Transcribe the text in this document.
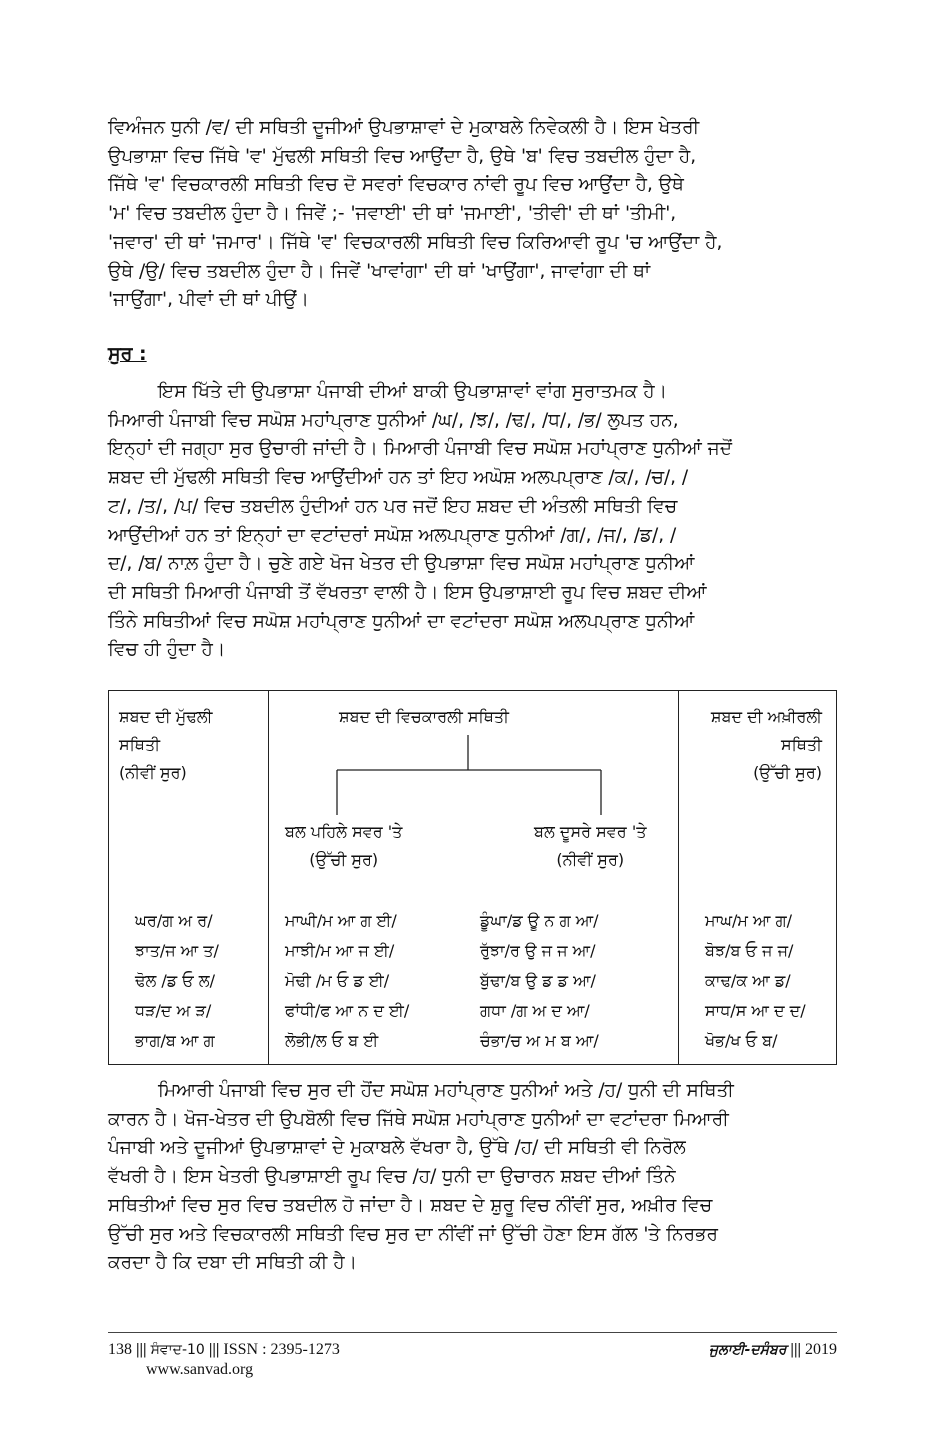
ਵਿਅੰਜਨ ਧੁਨੀ /ਵ/ ਦੀ ਸਥਿਤੀ ਦੂਜੀਆਂ ਉਪਭਾਸ਼ਾਵਾਂ ਦੇ ਮੁਕਾਬਲੇ ਨਿਵੇਕਲੀ ਹੈ। ਇਸ ਖੇਤਰੀ
ਉਪਭਾਸ਼ਾ ਵਿਚ ਜਿੱਥੇ 'ਵ' ਮੁੱਢਲੀ ਸਥਿਤੀ ਵਿਚ ਆਉਂਦਾ ਹੈ, ਉਥੇ 'ਬ' ਵਿਚ ਤਬਦੀਲ ਹੁੰਦਾ ਹੈ,
ਜਿੱਥੇ 'ਵ' ਵਿਚਕਾਰਲੀ ਸਥਿਤੀ ਵਿਚ ਦੋ ਸਵਰਾਂ ਵਿਚਕਾਰ ਨਾਂਵੀ ਰੂਪ ਵਿਚ ਆਉਂਦਾ ਹੈ, ਉਥੇ
'ਮ' ਵਿਚ ਤਬਦੀਲ ਹੁੰਦਾ ਹੈ। ਜਿਵੇਂ ;- 'ਜਵਾਈ' ਦੀ ਥਾਂ 'ਜਮਾਈ', 'ਤੀਵੀ' ਦੀ ਥਾਂ 'ਤੀਮੀ',
'ਜਵਾਰ' ਦੀ ਥਾਂ 'ਜਮਾਰ'। ਜਿੱਥੇ 'ਵ' ਵਿਚਕਾਰਲੀ ਸਥਿਤੀ ਵਿਚ ਕਿਰਿਆਵੀ ਰੂਪ 'ਚ ਆਉਂਦਾ ਹੈ,
ਉਥੇ /ਉ/ ਵਿਚ ਤਬਦੀਲ ਹੁੰਦਾ ਹੈ। ਜਿਵੇਂ 'ਖਾਵਾਂਗਾ' ਦੀ ਥਾਂ 'ਖਾਉਂਗਾ', ਜਾਵਾਂਗਾ ਦੀ ਥਾਂ
'ਜਾਉਂਗਾ', ਪੀਵਾਂ ਦੀ ਥਾਂ ਪੀਉਂ।
ਸੁਰ :
ਇਸ ਖਿੱਤੇ ਦੀ ਉਪਭਾਸ਼ਾ ਪੰਜਾਬੀ ਦੀਆਂ ਬਾਕੀ ਉਪਭਾਸ਼ਾਵਾਂ ਵਾਂਗ ਸੁਰਾਤਮਕ ਹੈ।
ਮਿਆਰੀ ਪੰਜਾਬੀ ਵਿਚ ਸਘੋਸ਼ ਮਹਾਂਪ੍ਰਾਣ ਧੁਨੀਆਂ /ਘ/, /ਝ/, /ਢ/, /ਧ/, /ਭ/ ਲੁਪਤ ਹਨ,
ਇਨ੍ਹਾਂ ਦੀ ਜਗ੍ਹਾ ਸੁਰ ਉਚਾਰੀ ਜਾਂਦੀ ਹੈ। ਮਿਆਰੀ ਪੰਜਾਬੀ ਵਿਚ ਸਘੋਸ਼ ਮਹਾਂਪ੍ਰਾਣ ਧੁਨੀਆਂ ਜਦੋਂ
ਸ਼ਬਦ ਦੀ ਮੁੱਢਲੀ ਸਥਿਤੀ ਵਿਚ ਆਉਂਦੀਆਂ ਹਨ ਤਾਂ ਇਹ ਅਘੋਸ਼ ਅਲਪਪ੍ਰਾਣ /ਕ/, /ਚ/, /
ਟ/, /ਤ/, /ਪ/ ਵਿਚ ਤਬਦੀਲ ਹੁੰਦੀਆਂ ਹਨ ਪਰ ਜਦੋਂ ਇਹ ਸ਼ਬਦ ਦੀ ਅੰਤਲੀ ਸਥਿਤੀ ਵਿਚ
ਆਉਂਦੀਆਂ ਹਨ ਤਾਂ ਇਨ੍ਹਾਂ ਦਾ ਵਟਾਂਦਰਾਂ ਸਘੋਸ਼ ਅਲਪਪ੍ਰਾਣ ਧੁਨੀਆਂ /ਗ/, /ਜ/, /ਡ/, /
ਦ/, /ਬ/ ਨਾਲ਼ ਹੁੰਦਾ ਹੈ। ਚੁਣੇ ਗਏ ਖੋਜ ਖੇਤਰ ਦੀ ਉਪਭਾਸ਼ਾ ਵਿਚ ਸਘੋਸ਼ ਮਹਾਂਪ੍ਰਾਣ ਧੁਨੀਆਂ
ਦੀ ਸਥਿਤੀ ਮਿਆਰੀ ਪੰਜਾਬੀ ਤੋਂ ਵੱਖਰਤਾ ਵਾਲੀ ਹੈ। ਇਸ ਉਪਭਾਸ਼ਾਈ ਰੂਪ ਵਿਚ ਸ਼ਬਦ ਦੀਆਂ
ਤਿੰਨੇ ਸਥਿਤੀਆਂ ਵਿਚ ਸਘੋਸ਼ ਮਹਾਂਪ੍ਰਾਣ ਧੁਨੀਆਂ ਦਾ ਵਟਾਂਦਰਾ ਸਘੋਸ਼ ਅਲਪਪ੍ਰਾਣ ਧੁਨੀਆਂ
ਵਿਚ ਹੀ ਹੁੰਦਾ ਹੈ।
ਸ਼ਬਦ ਦੀ ਮੁੱਢਲੀ
ਸਥਿਤੀ
(ਨੀਵੀਂ ਸੁਰ)
ਸ਼ਬਦ ਦੀ ਵਿਚਕਾਰਲੀ ਸਥਿਤੀ
ਬਲ ਪਹਿਲੇ ਸਵਰ 'ਤੇ
(ਉੱਚੀ ਸੁਰ)
ਬਲ ਦੂਸਰੇ ਸਵਰ 'ਤੇ
(ਨੀਵੀਂ ਸੁਰ)
ਸ਼ਬਦ ਦੀ ਅਖ਼ੀਰਲੀ
ਸਥਿਤੀ
(ਉੱਚੀ ਸੁਰ)
ਘਰ/ਗ ਅ ਰ/
ਝਾਤ/ਜ ਆ ਤ/
ਢੋਲ /ਡ ਓ ਲ/
ਧੜ/ਦ ਅ ੜ/
ਭਾਗ/ਬ ਆ ਗ
ਮਾਘੀ/ਮ ਆ ਗ ਈ/
ਮਾਝੀ/ਮ ਆ ਜ ਈ/
ਮੋਢੀ /ਮ ਓ ਡ ਈ/
ਫਾਂਧੀ/ਫ ਆ ਨ ਦ ਈ/
ਲੋਭੀ/ਲ ਓ ਬ ਈ
ਡੂੰਘਾ/ਡ ਊ ਨ ਗ ਆ/
ਰੁੱਝਾ/ਰ ਉ ਜ ਜ ਆ/
ਬੁੱਢਾ/ਬ ਉ ਡ ਡ ਆ/
ਗਧਾ /ਗ ਅ ਦ ਆ/
ਚੰਭਾ/ਚ ਅ ਮ ਬ ਆ/
ਮਾਘ/ਮ ਆ ਗ/
ਬੋਝ/ਬ ਓ ਜ ਜ/
ਕਾਢ/ਕ ਆ ਡ/
ਸਾਧ/ਸ ਆ ਦ ਦ/
ਖੋਭ/ਖ ਓ ਬ/
ਮਿਆਰੀ ਪੰਜਾਬੀ ਵਿਚ ਸੁਰ ਦੀ ਹੋਂਦ ਸਘੋਸ਼ ਮਹਾਂਪ੍ਰਾਣ ਧੁਨੀਆਂ ਅਤੇ /ਹ/ ਧੁਨੀ ਦੀ ਸਥਿਤੀ
ਕਾਰਨ ਹੈ। ਖੋਜ-ਖੇਤਰ ਦੀ ਉਪਬੋਲੀ ਵਿਚ ਜਿੱਥੇ ਸਘੋਸ਼ ਮਹਾਂਪ੍ਰਾਣ ਧੁਨੀਆਂ ਦਾ ਵਟਾਂਦਰਾ ਮਿਆਰੀ
ਪੰਜਾਬੀ ਅਤੇ ਦੂਜੀਆਂ ਉਪਭਾਸ਼ਾਵਾਂ ਦੇ ਮੁਕਾਬਲੇ ਵੱਖਰਾ ਹੈ, ਉੱਥੇ /ਹ/ ਦੀ ਸਥਿਤੀ ਵੀ ਨਿਰੋਲ
ਵੱਖਰੀ ਹੈ। ਇਸ ਖੇਤਰੀ ਉਪਭਾਸ਼ਾਈ ਰੂਪ ਵਿਚ /ਹ/ ਧੁਨੀ ਦਾ ਉਚਾਰਨ ਸ਼ਬਦ ਦੀਆਂ ਤਿੰਨੇ
ਸਥਿਤੀਆਂ ਵਿਚ ਸੁਰ ਵਿਚ ਤਬਦੀਲ ਹੋ ਜਾਂਦਾ ਹੈ। ਸ਼ਬਦ ਦੇ ਸ਼ੁਰੂ ਵਿਚ ਨੀਂਵੀਂ ਸੁਰ, ਅਖ਼ੀਰ ਵਿਚ
ਉੱਚੀ ਸੁਰ ਅਤੇ ਵਿਚਕਾਰਲੀ ਸਥਿਤੀ ਵਿਚ ਸੁਰ ਦਾ ਨੀਂਵੀਂ ਜਾਂ ਉੱਚੀ ਹੋਣਾ ਇਸ ਗੱਲ 'ਤੇ ਨਿਰਭਰ
ਕਰਦਾ ਹੈ ਕਿ ਦਬਾ ਦੀ ਸਥਿਤੀ ਕੀ ਹੈ।
138 ||| ਸੰਵਾਦ-10 ||| ISSN : 2395-1273
www.sanvad.org
ਜੁਲਾਈ-ਦਸੰਬਰ ||| 2019
